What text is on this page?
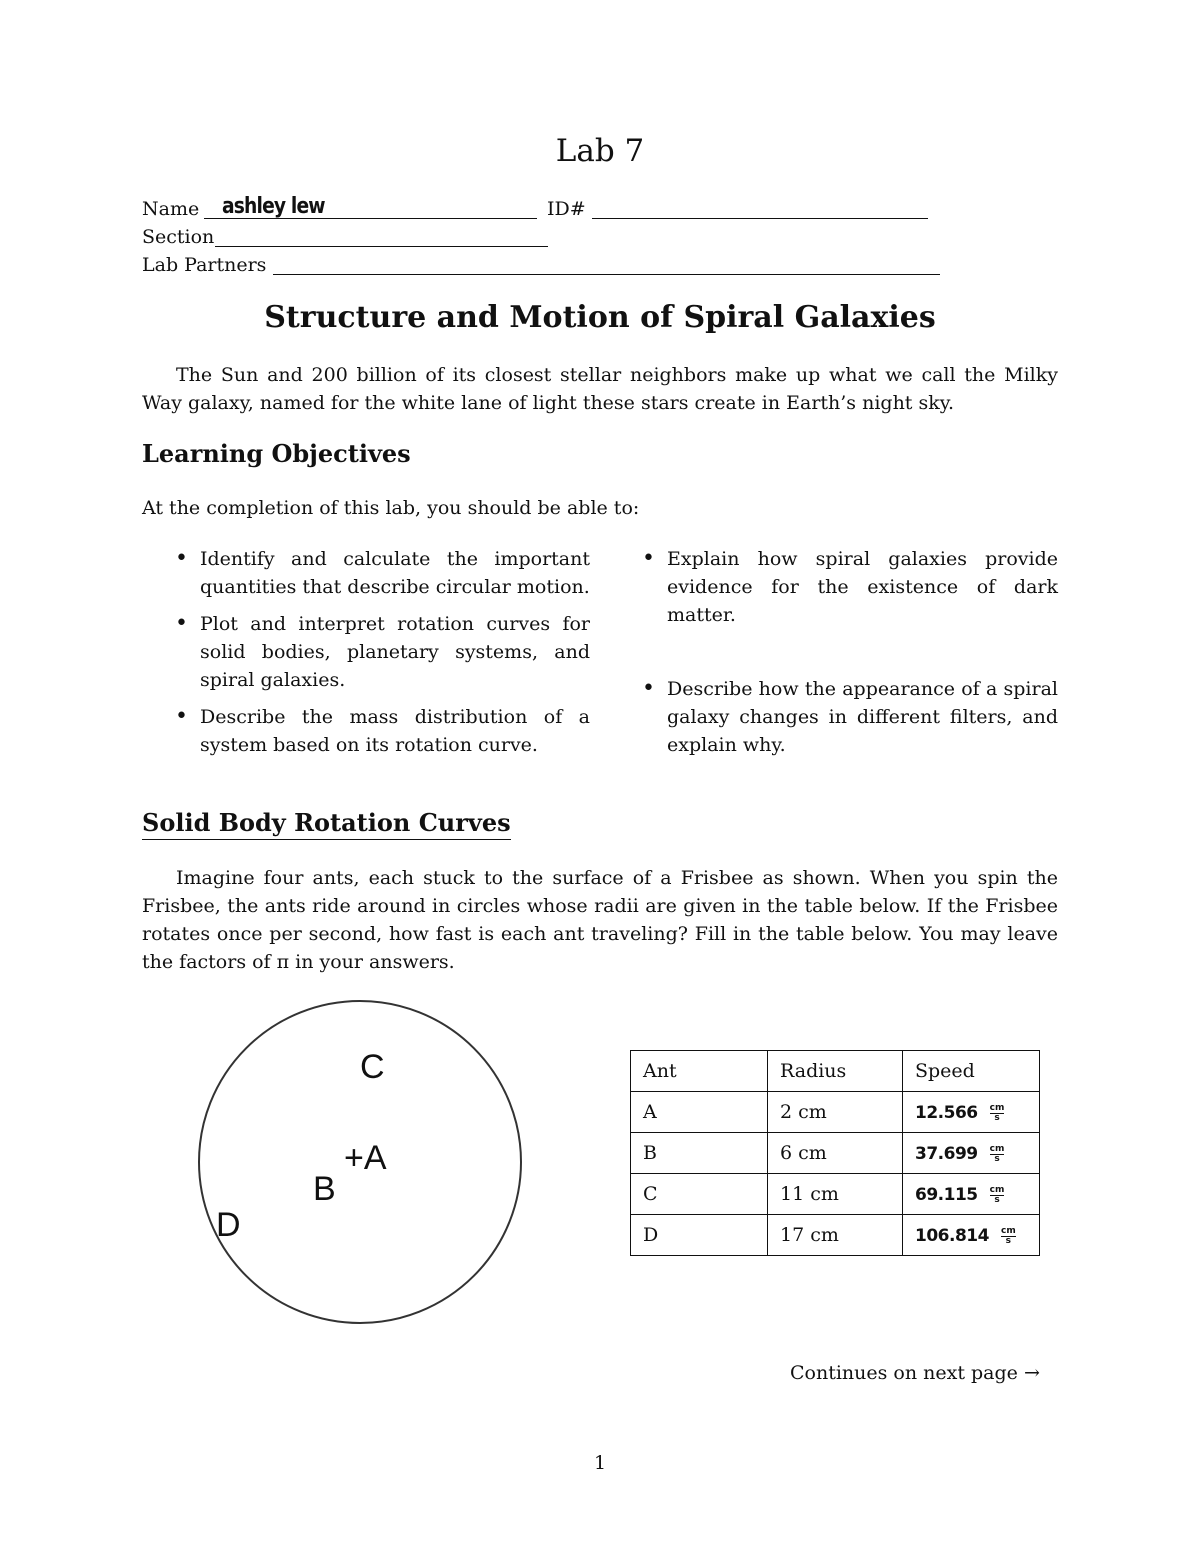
Lab 7
Name ashley lew	ID#
Section
Lab Partners
Structure and Motion of Spiral Galaxies

The Sun and 200 billion of its closest stellar neighbors make up what we call the Milky Way galaxy, named for the white lane of light these stars create in Earth’s night sky.

Learning Objectives

At the completion of this lab, you should be able to:

• Identify and calculate the important quantities that describe circular motion.
• Plot and interpret rotation curves for solid bodies, planetary systems, and spiral galaxies.
• Describe the mass distribution of a system based on its rotation curve.
• Explain how spiral galaxies provide evidence for the existence of dark matter.
• Describe how the appearance of a spiral galaxy changes in different filters, and explain why.
Solid Body Rotation Curves

Imagine four ants, each stuck to the surface of a Frisbee as shown. When you spin the Frisbee, the ants ride around in circles whose radii are given in the table below. If the Frisbee rotates once per second, how fast is each ant traveling? Fill in the table below. You may leave the factors of π in your answers.

C
+A
B
D
Ant	Radius	Speed
A	2 cm	$12.566 \frac{cm}{s}$

B	6 cm	$37.699 \frac{cm}{s}$

C	11 cm	$69.115 \frac{cm}{s}$

D	17 cm	$106.814 \frac{cm}{s}$
Continues on next page →
1
